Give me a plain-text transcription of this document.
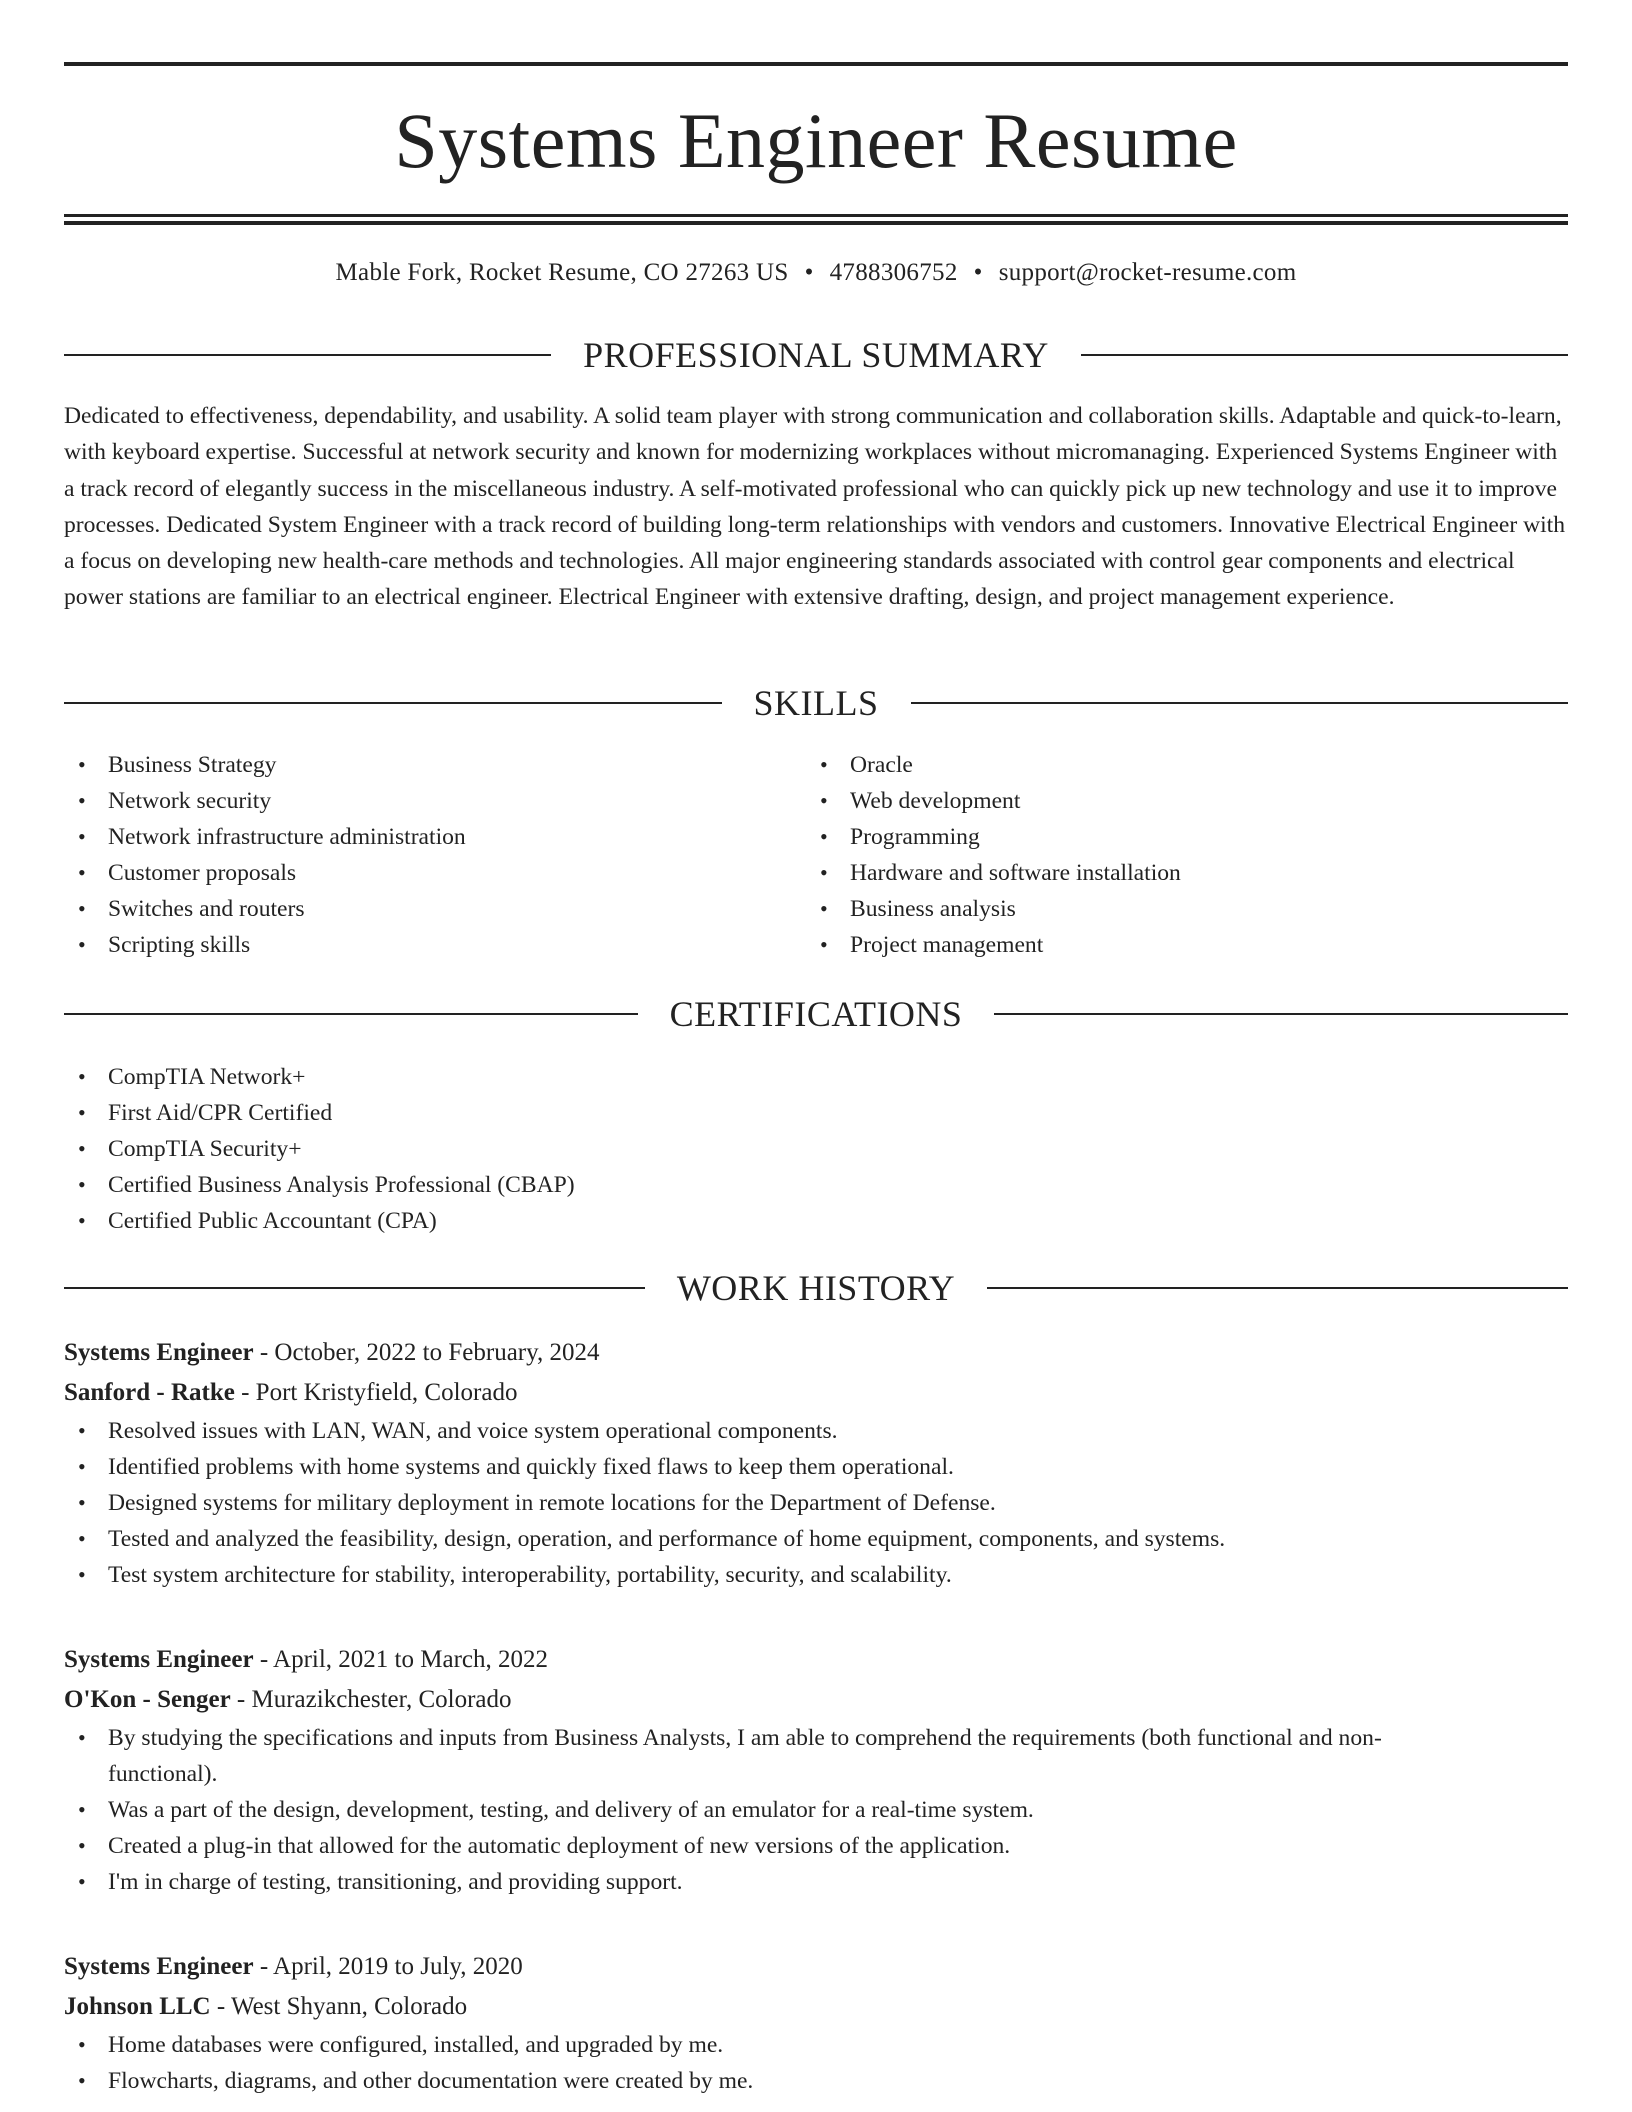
Systems Engineer Resume
Mable Fork, Rocket Resume, CO 27263 US • 4788306752 • support@rocket-resume.com
PROFESSIONAL SUMMARY
Dedicated to effectiveness, dependability, and usability. A solid team player with strong communication and collaboration skills. Adaptable and quick-to-learn, with keyboard expertise. Successful at network security and known for modernizing workplaces without micromanaging. Experienced Systems Engineer with a track record of elegantly success in the miscellaneous industry. A self-motivated professional who can quickly pick up new technology and use it to improve processes. Dedicated System Engineer with a track record of building long-term relationships with vendors and customers. Innovative Electrical Engineer with a focus on developing new health-care methods and technologies. All major engineering standards associated with control gear components and electrical power stations are familiar to an electrical engineer. Electrical Engineer with extensive drafting, design, and project management experience.
SKILLS
• Business Strategy
• Network security
• Network infrastructure administration
• Customer proposals
• Switches and routers
• Scripting skills
• Oracle
• Web development
• Programming
• Hardware and software installation
• Business analysis
• Project management
CERTIFICATIONS
• CompTIA Network+
• First Aid/CPR Certified
• CompTIA Security+
• Certified Business Analysis Professional (CBAP)
• Certified Public Accountant (CPA)
WORK HISTORY
Systems Engineer - October, 2022 to February, 2024
Sanford - Ratke - Port Kristyfield, Colorado
• Resolved issues with LAN, WAN, and voice system operational components.
• Identified problems with home systems and quickly fixed flaws to keep them operational.
• Designed systems for military deployment in remote locations for the Department of Defense.
• Tested and analyzed the feasibility, design, operation, and performance of home equipment, components, and systems.
• Test system architecture for stability, interoperability, portability, security, and scalability.
Systems Engineer - April, 2021 to March, 2022
O'Kon - Senger - Murazikchester, Colorado
• By studying the specifications and inputs from Business Analysts, I am able to comprehend the requirements (both functional and non-functional).
• Was a part of the design, development, testing, and delivery of an emulator for a real-time system.
• Created a plug-in that allowed for the automatic deployment of new versions of the application.
• I'm in charge of testing, transitioning, and providing support.
Systems Engineer - April, 2019 to July, 2020
Johnson LLC - West Shyann, Colorado
• Home databases were configured, installed, and upgraded by me.
• Flowcharts, diagrams, and other documentation were created by me.
